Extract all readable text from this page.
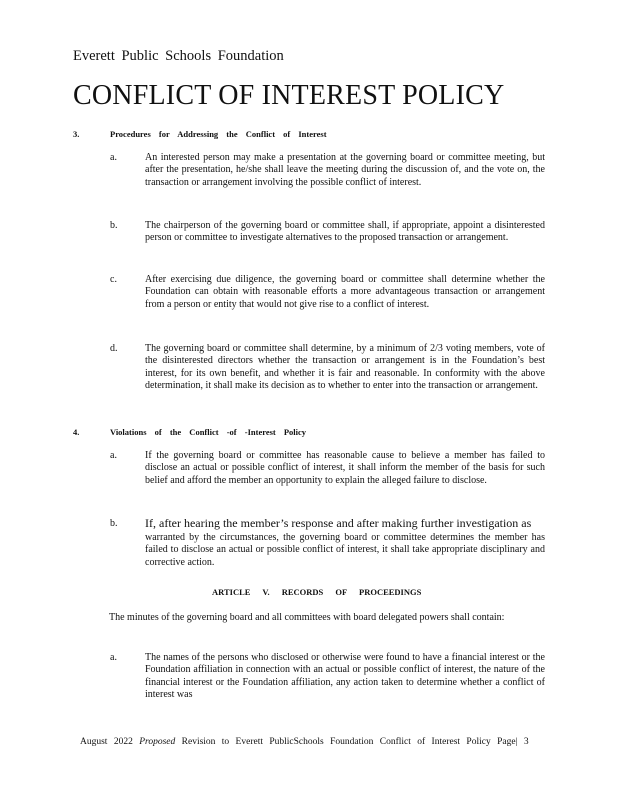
Everett Public Schools Foundation
CONFLICT OF INTEREST POLICY
3.	Procedures for Addressing the Conflict of Interest
a.	An interested person may make a presentation at the governing board or committee meeting, but after the presentation, he/she shall leave the meeting during the discussion of, and the vote on, the transaction or arrangement involving the possible conflict of interest.
b.	The chairperson of the governing board or committee shall, if appropriate, appoint a disinterested person or committee to investigate alternatives to the proposed transaction or arrangement.
c.	After exercising due diligence, the governing board or committee shall determine whether the Foundation can obtain with reasonable efforts a more advantageous transaction or arrangement from a person or entity that would not give rise to a conflict of interest.
d.	The governing board or committee shall determine, by a minimum of 2/3 voting members, vote of the disinterested directors whether the transaction or arrangement is in the Foundation’s best interest, for its own benefit, and whether it is fair and reasonable. In conformity with the above determination, it shall make its decision as to whether to enter into the transaction or arrangement.
4.	Violations of the Conflict -of -Interest Policy
a.	If the governing board or committee has reasonable cause to believe a member has failed to disclose an actual or possible conflict of interest, it shall inform the member of the basis for such belief and afford the member an opportunity to explain the alleged failure to disclose.
b. If, after hearing the member’s response and after making further investigation as
warranted by the circumstances, the governing board or committee determines the member has failed to disclose an actual or possible conflict of interest, it shall take appropriate disciplinary and corrective action.
ARTICLE V. RECORDS OF PROCEEDINGS
The minutes of the governing board and all committees with board delegated powers shall contain:
a.	The names of the persons who disclosed or otherwise were found to have a financial interest or the Foundation affiliation in connection with an actual or possible conflict of interest, the nature of the financial interest or the Foundation affiliation, any action taken to determine whether a conflict of interest was
August 2022 Proposed Revision to Everett PublicSchools Foundation Conflict of Interest Policy Page| 3
